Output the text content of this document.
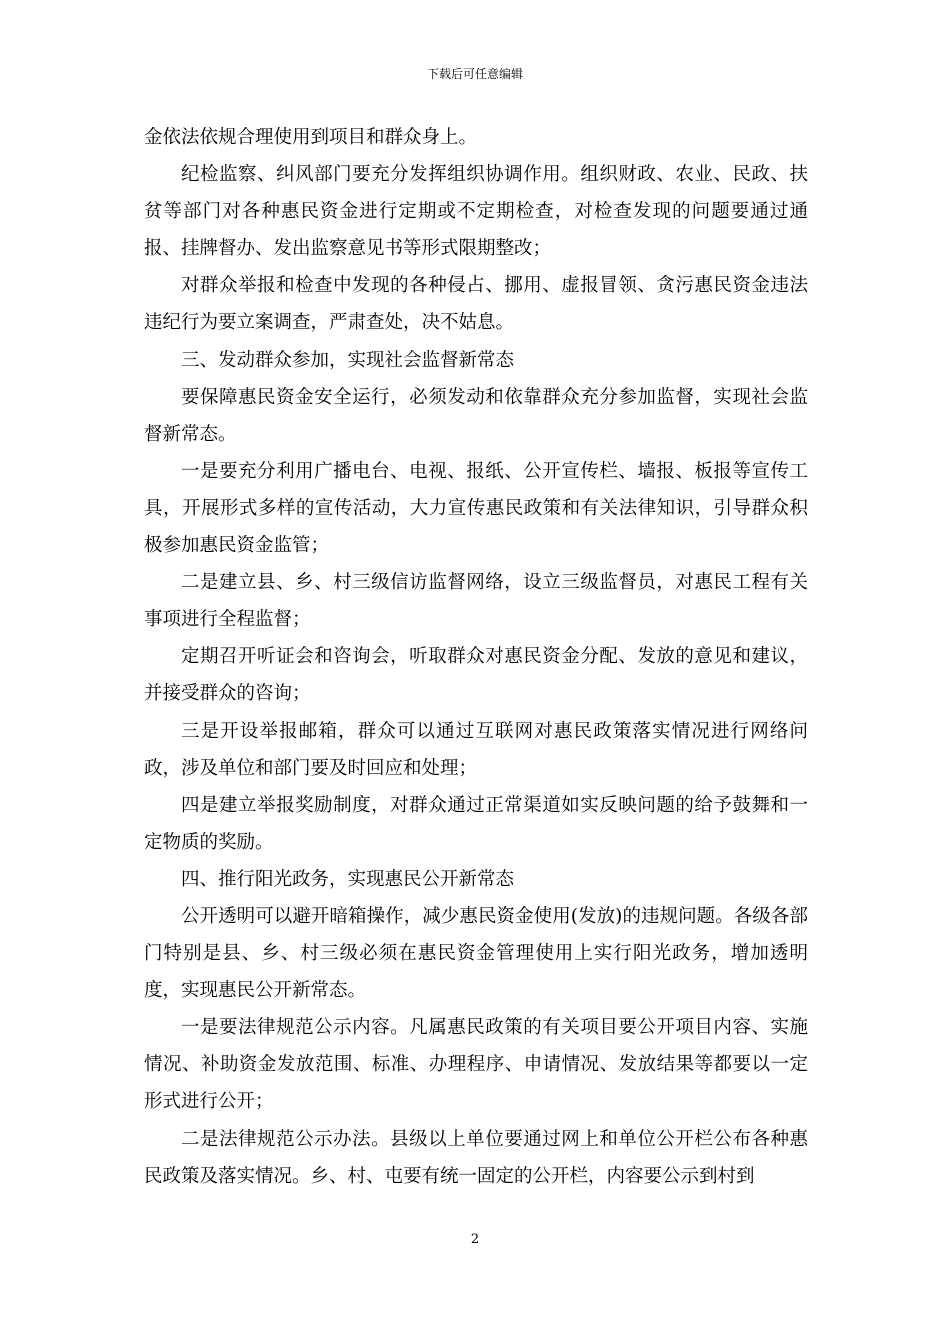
下载后可任意编辑

金依法依规合理使用到项目和群众身上。

纪检监察、纠风部门要充分发挥组织协调作用。组织财政、农业、民政、扶贫等部门对各种惠民资金进行定期或不定期检查，对检查发现的问题要通过通报、挂牌督办、发出监察意见书等形式限期整改；

对群众举报和检查中发现的各种侵占、挪用、虚报冒领、贪污惠民资金违法违纪行为要立案调查，严肃查处，决不姑息。

三、发动群众参加，实现社会监督新常态

要保障惠民资金安全运行，必须发动和依靠群众充分参加监督，实现社会监督新常态。

一是要充分利用广播电台、电视、报纸、公开宣传栏、墙报、板报等宣传工具，开展形式多样的宣传活动，大力宣传惠民政策和有关法律知识，引导群众积极参加惠民资金监管；

二是建立县、乡、村三级信访监督网络，设立三级监督员，对惠民工程有关事项进行全程监督；

定期召开听证会和咨询会，听取群众对惠民资金分配、发放的意见和建议，并接受群众的咨询；

三是开设举报邮箱，群众可以通过互联网对惠民政策落实情况进行网络问政，涉及单位和部门要及时回应和处理；

四是建立举报奖励制度，对群众通过正常渠道如实反映问题的给予鼓舞和一定物质的奖励。

四、推行阳光政务，实现惠民公开新常态

公开透明可以避开暗箱操作，减少惠民资金使用(发放)的违规问题。各级各部门特别是县、乡、村三级必须在惠民资金管理使用上实行阳光政务，增加透明度，实现惠民公开新常态。

一是要法律规范公示内容。凡属惠民政策的有关项目要公开项目内容、实施情况、补助资金发放范围、标准、办理程序、申请情况、发放结果等都要以一定形式进行公开；

二是法律规范公示办法。县级以上单位要通过网上和单位公开栏公布各种惠民政策及落实情况。乡、村、屯要有统一固定的公开栏，内容要公示到村到

2
